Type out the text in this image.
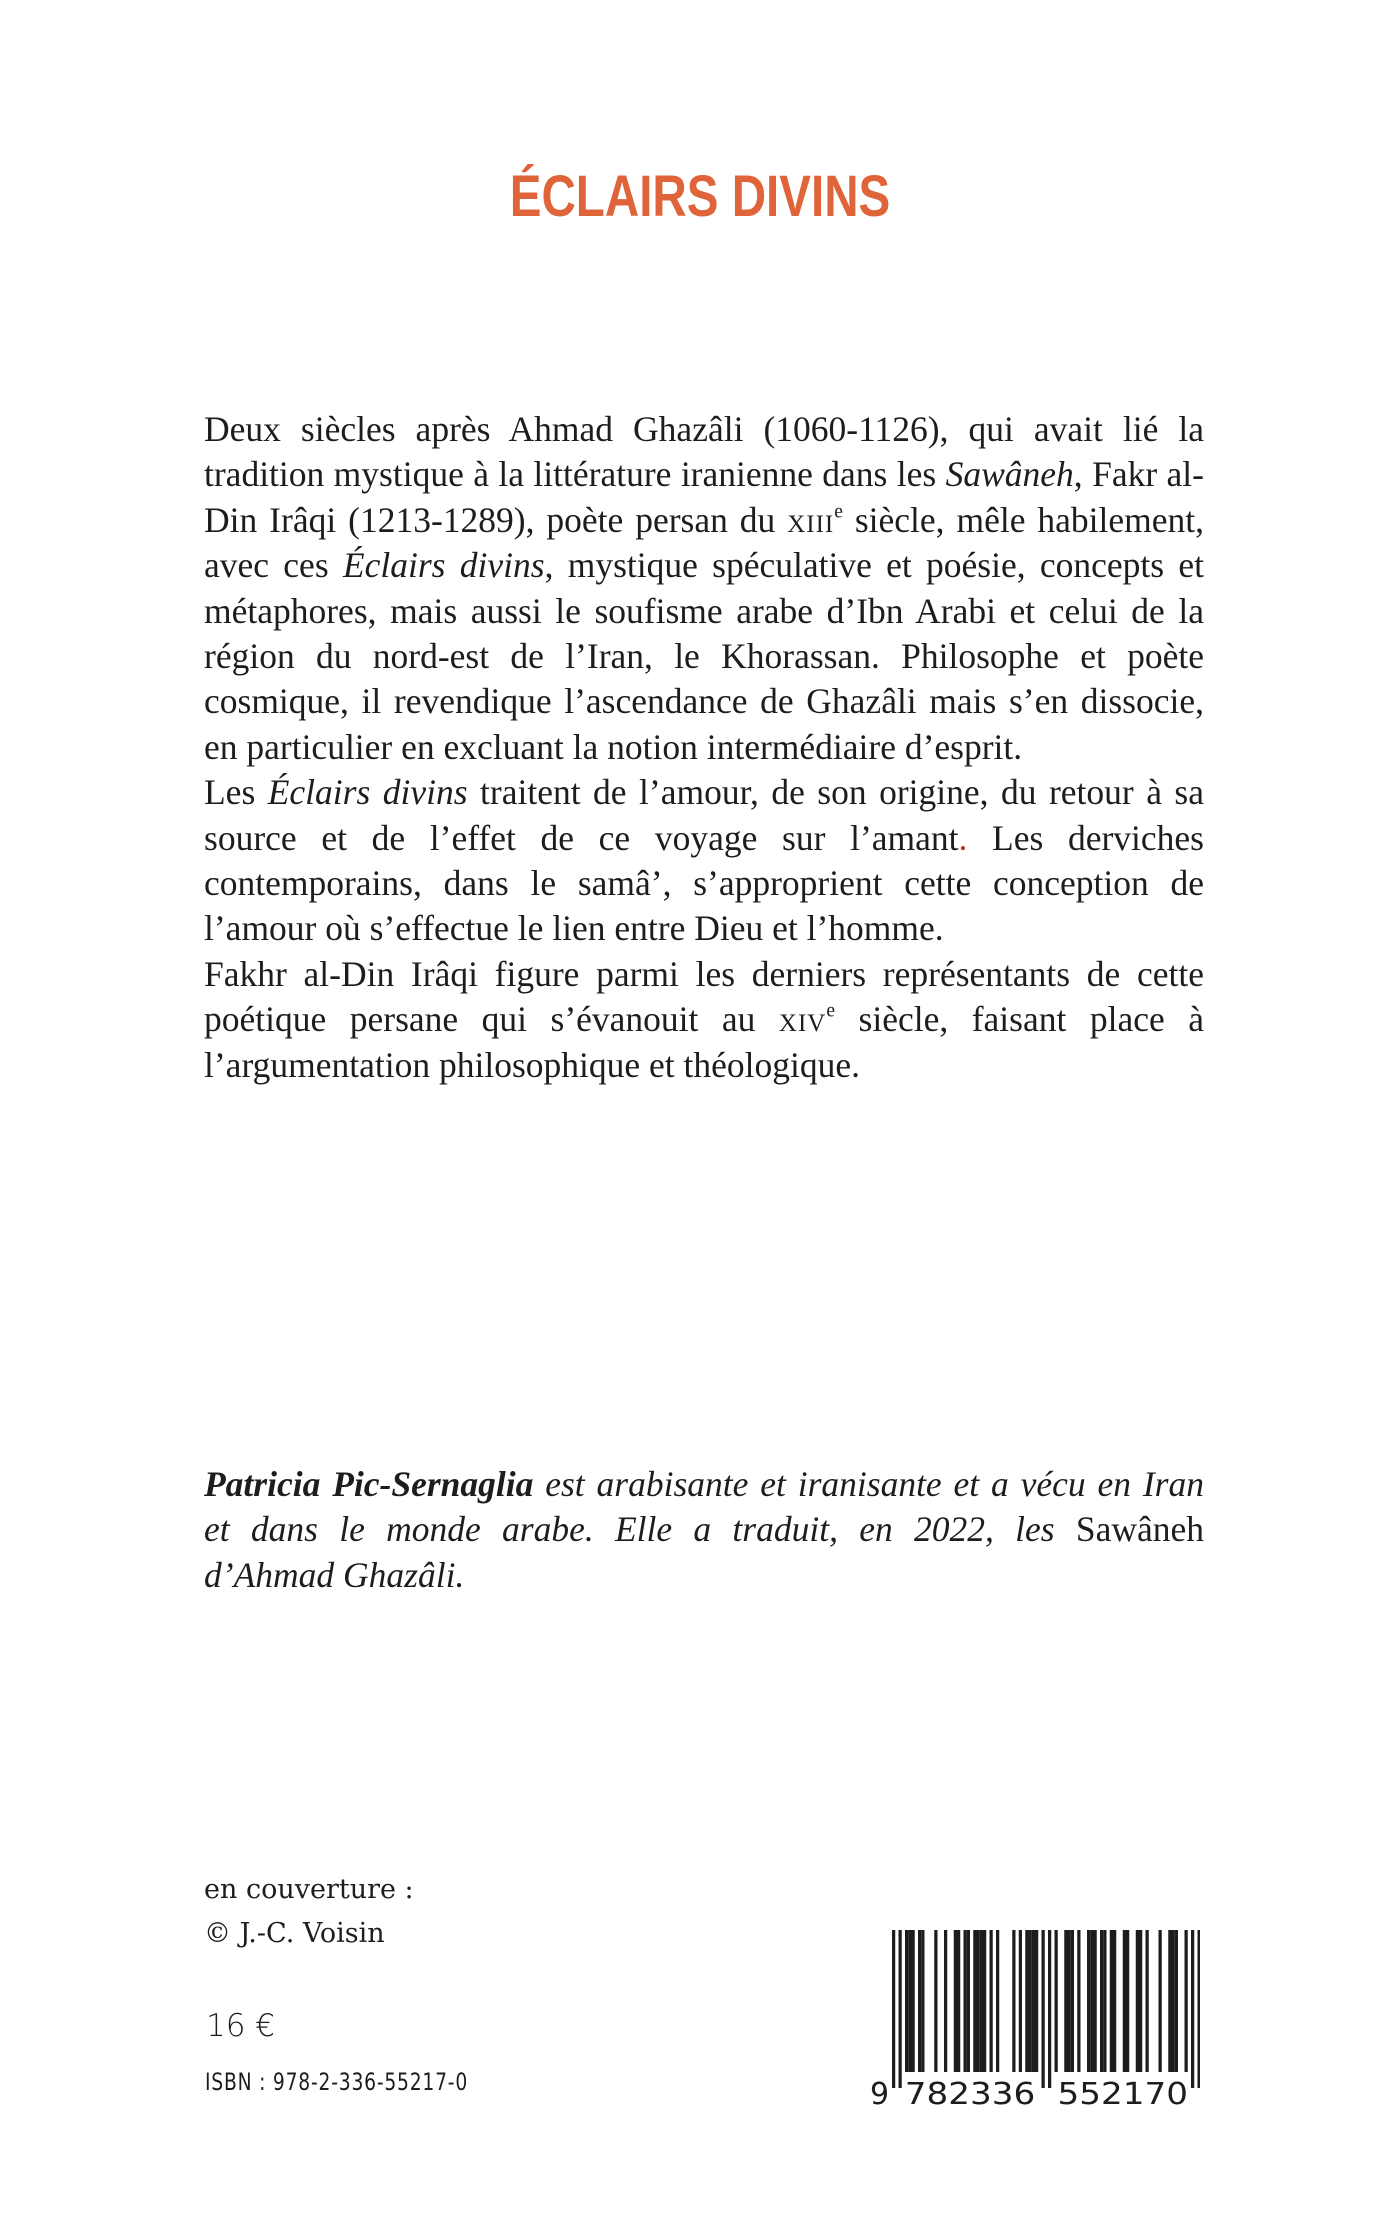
ÉCLAIRS DIVINS

Deux siècles après Ahmad Ghazâli (1060-1126), qui avait lié la tradition mystique à la littérature iranienne dans les Sawâneh, Fakr al-Din Irâqi (1213-1289), poète persan du xiii$^e$ siècle, mêle habilement, avec ces Éclairs divins, mystique spéculative et poésie, concepts et métaphores, mais aussi le soufisme arabe d’Ibn Arabi et celui de la région du nord-est de l’Iran, le Khorassan. Philosophe et poète cosmique, il revendique l’ascendance de Ghazâli mais s’en dissocie, en particulier en excluant la notion intermédiaire d’esprit.

Les Éclairs divins traitent de l’amour, de son origine, du retour à sa source et de l’effet de ce voyage sur l’amant. Les derviches contemporains, dans le samâ’, s’approprient cette conception de l’amour où s’effectue le lien entre Dieu et l’homme.

Fakhr al-Din Irâqi figure parmi les derniers représentants de cette poétique persane qui s’évanouit au xiv$^e$ siècle, faisant place à l’argumentation philosophique et théologique.

Patricia Pic-Sernaglia est arabisante et iranisante et a vécu en Iran et dans le monde arabe. Elle a traduit, en 2022, les Sawâneh d’Ahmad Ghazâli.
en couverture :
© J.-C. Voisin
16 €
ISBN : 978-2-336-55217-0	9 782336 552170
